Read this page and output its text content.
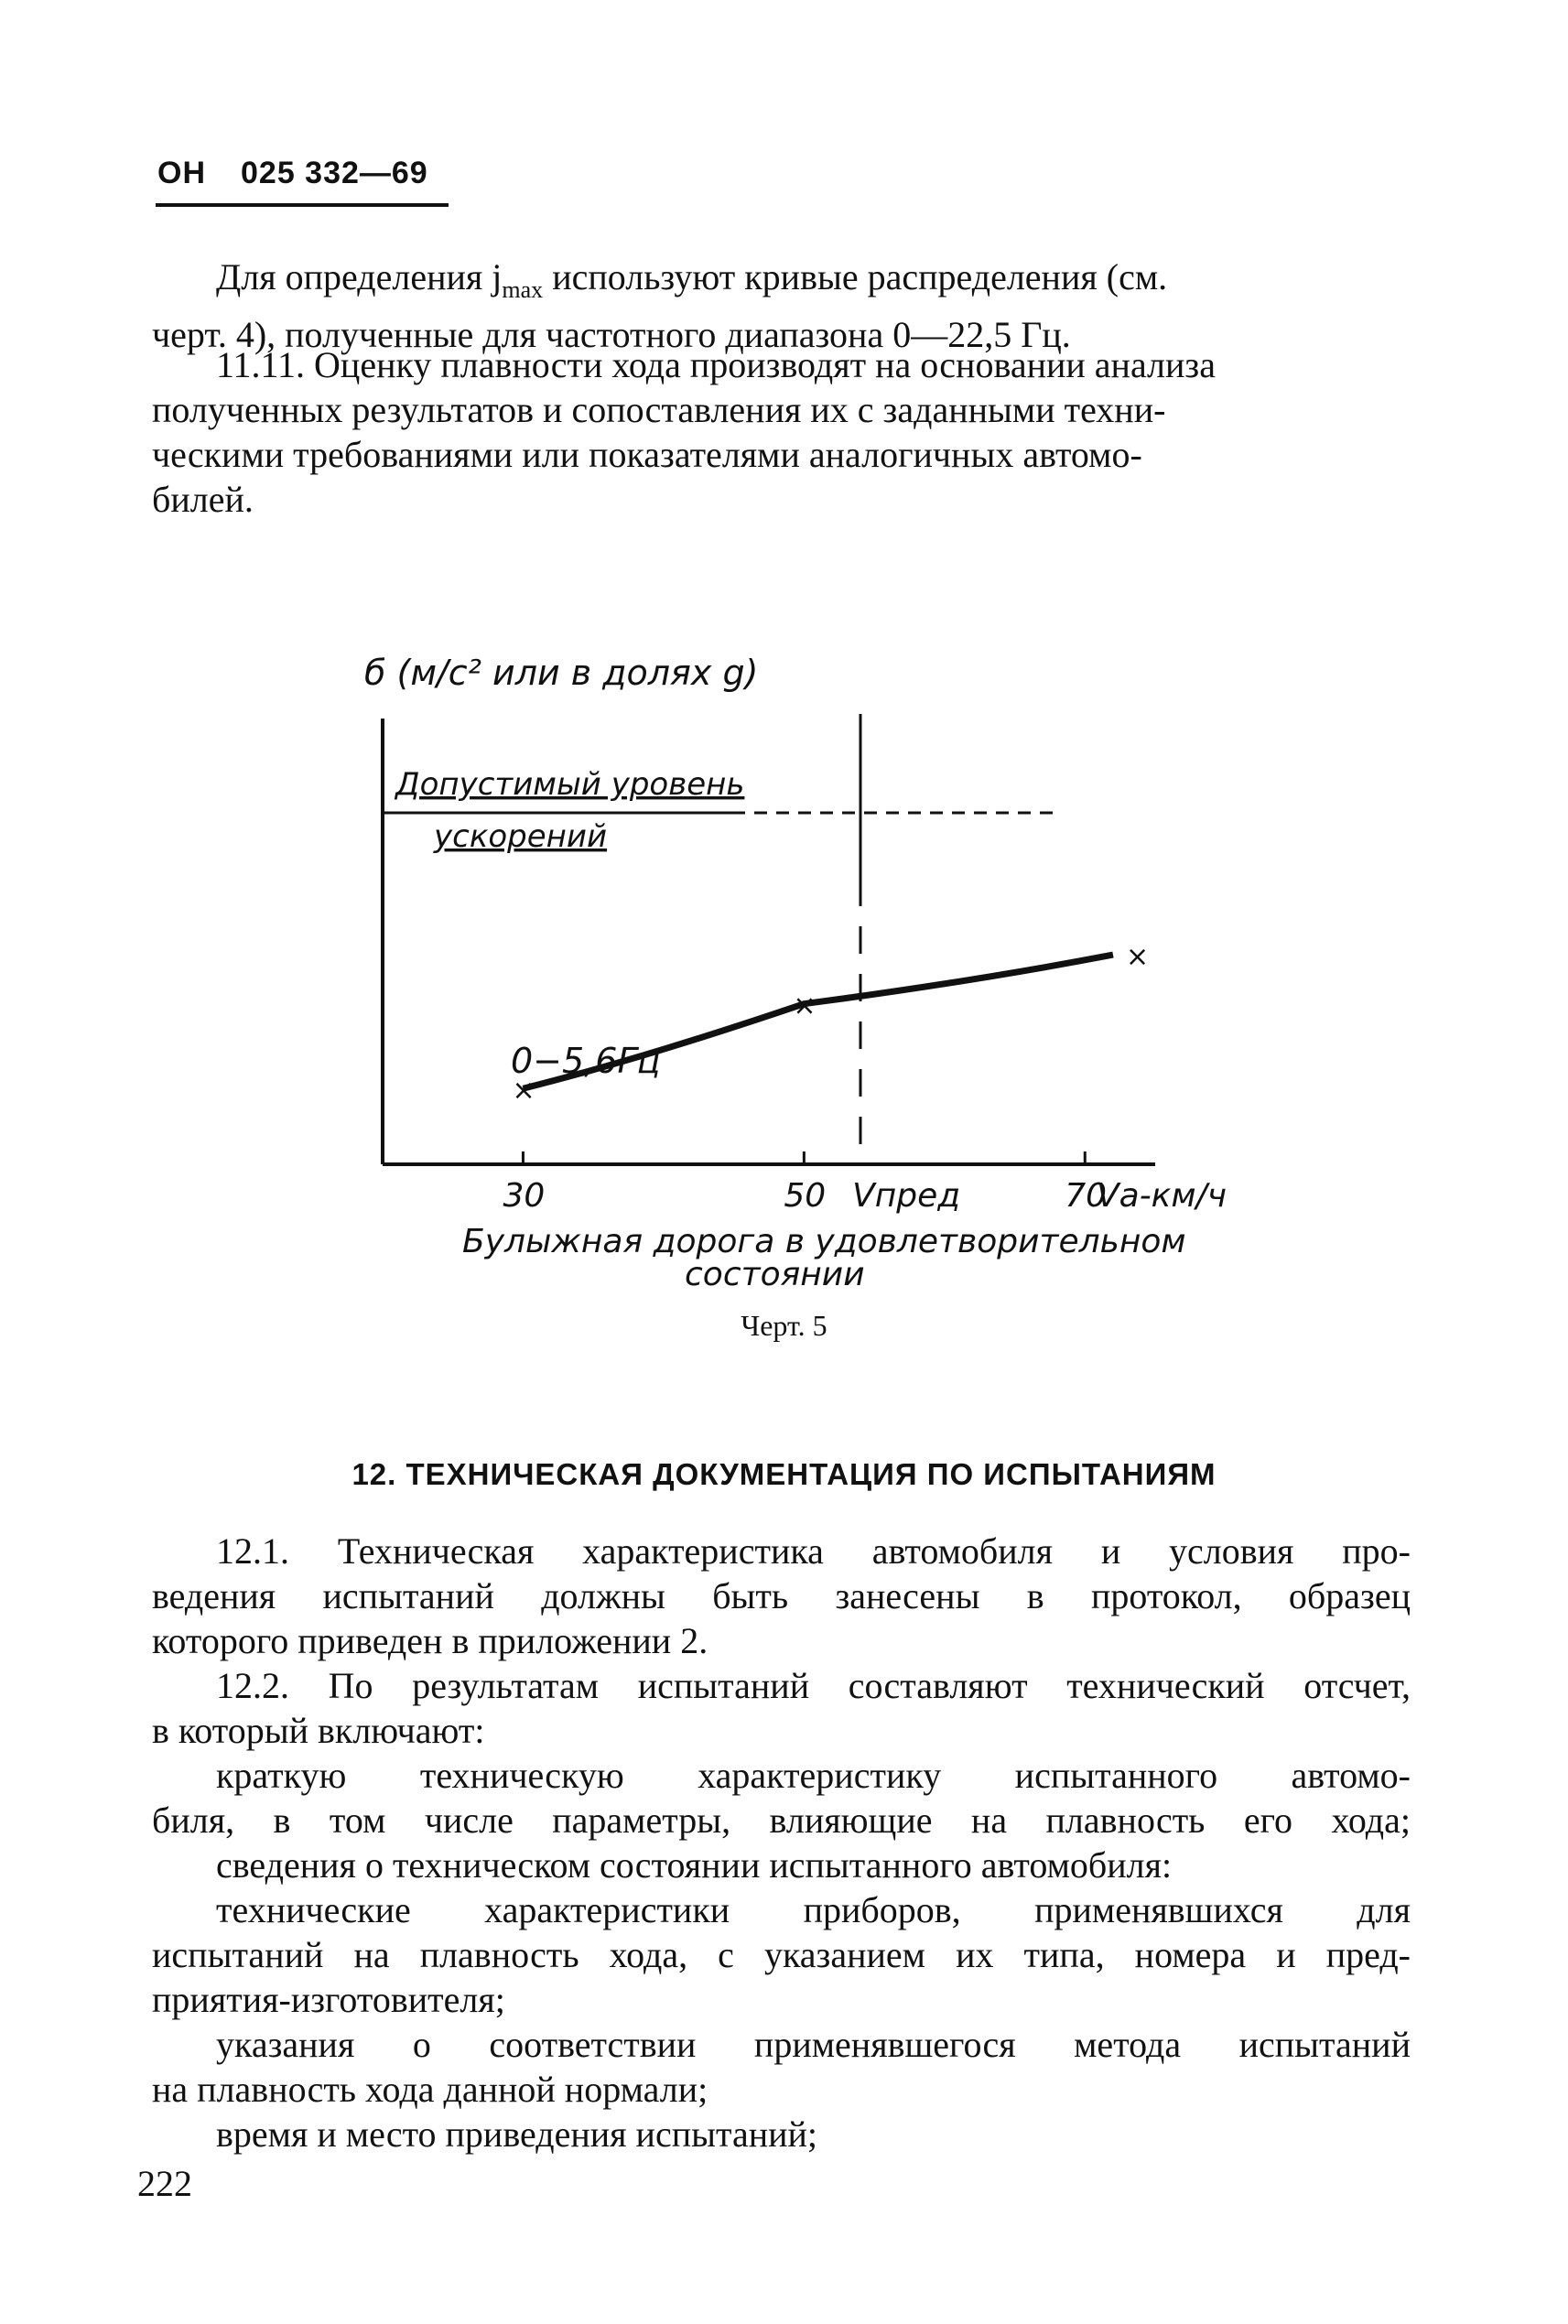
ОН 025 332—69
Для определения $j_{max}$ используют кривые распределения (см.
черт. 4), полученные для частотного диапазона 0—22,5 Гц.
11.11. Оценку плавности хода производят на основании анализа
полученных результатов и сопоставления их с заданными техни-
ческими требованиями или показателями аналогичных автомо-
билей.
б (м/с² или в долях g)
Допустимый уровень
ускорений
0−5,6Гц
×
×
×
30	50 Vпред	70
Vа-км/ч
Булыжная дорога в удовлетворительном
состоянии
Черт. 5
12. ТЕХНИЧЕСКАЯ ДОКУМЕНТАЦИЯ ПО ИСПЫТАНИЯМ
12.1. Техническая характеристика автомобиля и условия про-
ведения испытаний должны быть занесены в протокол, образец
которого приведен в приложении 2.
12.2. По результатам испытаний составляют технический отсчет,
в который включают:
краткую техническую характеристику испытанного автомо-
биля, в том числе параметры, влияющие на плавность его хода;
сведения о техническом состоянии испытанного автомобиля:
технические характеристики приборов, применявшихся для
испытаний на плавность хода, с указанием их типа, номера и пред-
приятия-изготовителя;
указания о соответствии применявшегося метода испытаний
на плавность хода данной нормали;
время и место приведения испытаний;
222
